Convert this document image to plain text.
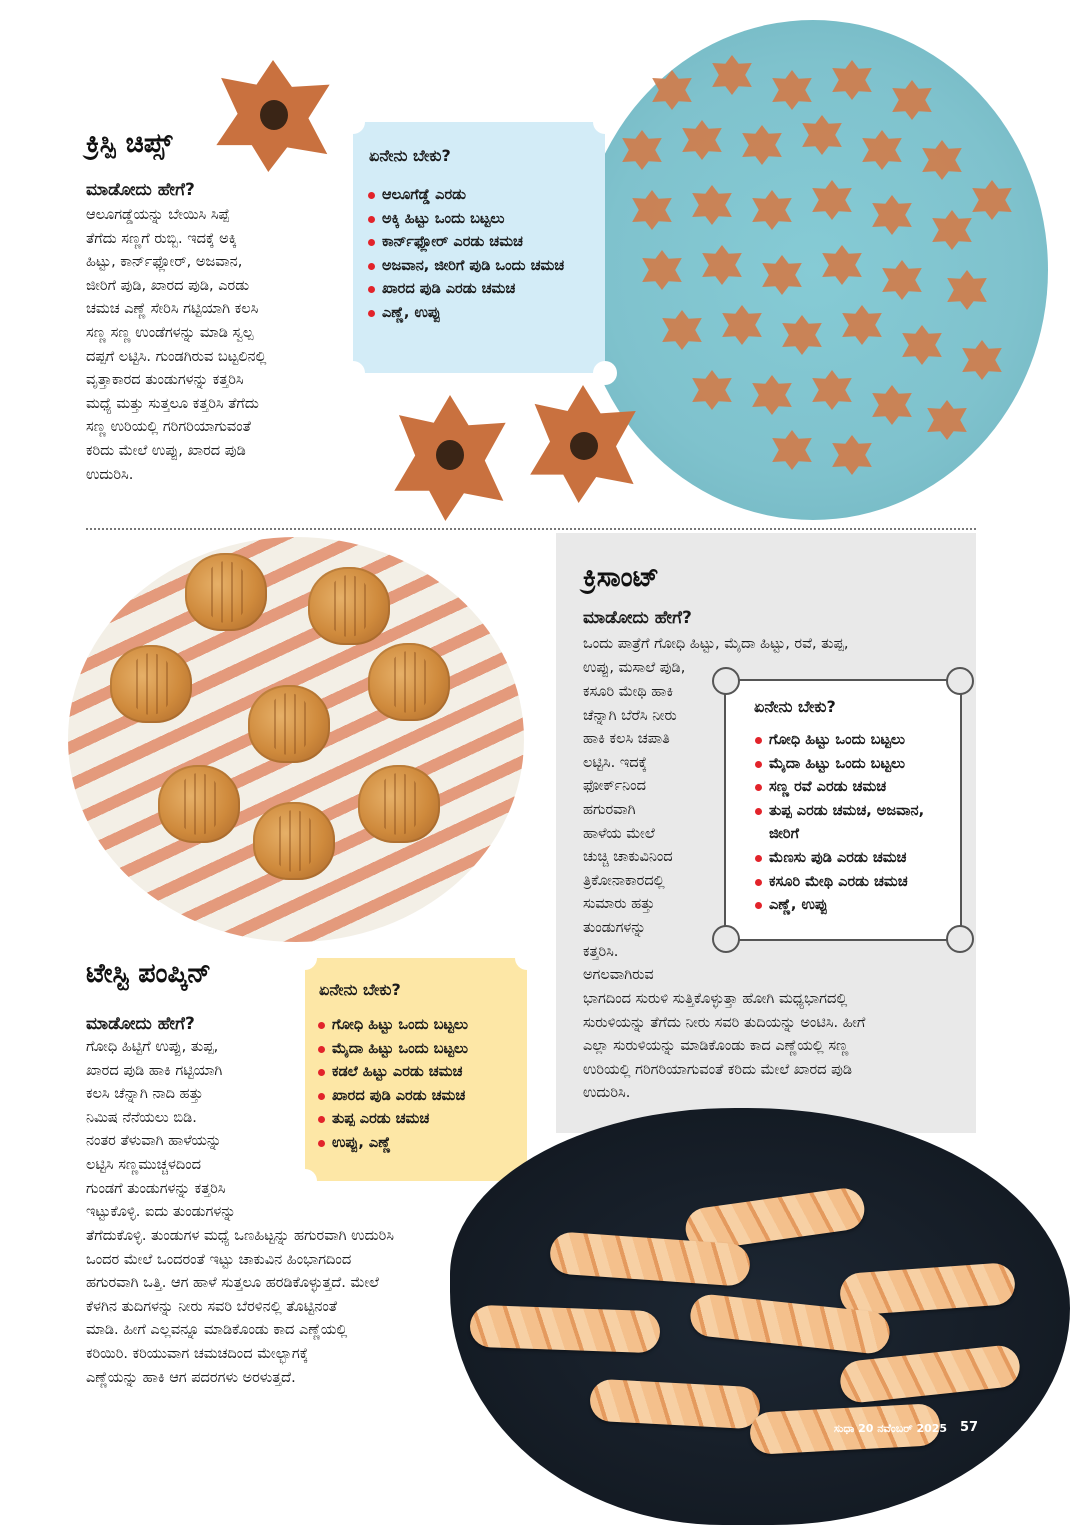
ಕ್ರಿಸ್ಪಿ ಚಿಪ್ಸ್
ಮಾಡೋದು ಹೇಗೆ?
ಆಲೂಗಡ್ಡೆಯನ್ನು ಬೇಯಿಸಿ ಸಿಪ್ಪೆ
ತೆಗೆದು ಸಣ್ಣಗೆ ರುಬ್ಬಿ. ಇದಕ್ಕೆ ಅಕ್ಕಿ
ಹಿಟ್ಟು, ಕಾರ್ನ್‌ಫ್ಲೋರ್, ಅಜವಾನ,
ಜೀರಿಗೆ ಪುಡಿ, ಖಾರದ ಪುಡಿ, ಎರಡು
ಚಮಚ ಎಣ್ಣೆ ಸೇರಿಸಿ ಗಟ್ಟಿಯಾಗಿ ಕಲಸಿ
ಸಣ್ಣ ಸಣ್ಣ ಉಂಡೆಗಳನ್ನು ಮಾಡಿ ಸ್ವಲ್ಪ
ದಪ್ಪಗೆ ಲಟ್ಟಿಸಿ. ಗುಂಡಗಿರುವ ಬಟ್ಟಲಿನಲ್ಲಿ
ವೃತ್ತಾಕಾರದ ತುಂಡುಗಳನ್ನು ಕತ್ತರಿಸಿ
ಮಧ್ಯೆ ಮತ್ತು ಸುತ್ತಲೂ ಕತ್ತರಿಸಿ ತೆಗೆದು
ಸಣ್ಣ ಉರಿಯಲ್ಲಿ ಗರಿಗರಿಯಾಗುವಂತೆ
ಕರಿದು ಮೇಲೆ ಉಪ್ಪು, ಖಾರದ ಪುಡಿ
ಉದುರಿಸಿ.
ಏನೇನು ಬೇಕು?
ಆಲೂಗೆಡ್ಡೆ ಎರಡು
ಅಕ್ಕಿ ಹಿಟ್ಟು ಒಂದು ಬಟ್ಟಲು
ಕಾರ್ನ್‌ಫ್ಲೋರ್ ಎರಡು ಚಮಚ
ಅಜವಾನ, ಜೀರಿಗೆ ಪುಡಿ ಒಂದು ಚಮಚ
ಖಾರದ ಪುಡಿ ಎರಡು ಚಮಚ
ಎಣ್ಣೆ, ಉಪ್ಪು
ಕ್ರಿಸಾಂಟ್
ಮಾಡೋದು ಹೇಗೆ?
ಒಂದು ಪಾತ್ರೆಗೆ ಗೋಧಿ ಹಿಟ್ಟು, ಮೈದಾ ಹಿಟ್ಟು, ರವೆ, ತುಪ್ಪ,
ಉಪ್ಪು, ಮಸಾಲೆ ಪುಡಿ,
ಕಸೂರಿ ಮೇಥಿ ಹಾಕಿ
ಚೆನ್ನಾಗಿ ಬೆರೆಸಿ ನೀರು
ಹಾಕಿ ಕಲಸಿ ಚಪಾತಿ
ಲಟ್ಟಿಸಿ. ಇದಕ್ಕೆ
ಫೋರ್ಕ್‌ನಿಂದ
ಹಗುರವಾಗಿ
ಹಾಳೆಯ ಮೇಲೆ
ಚುಚ್ಚಿ ಚಾಕುವಿನಿಂದ
ತ್ರಿಕೋನಾಕಾರದಲ್ಲಿ
ಸುಮಾರು ಹತ್ತು
ತುಂಡುಗಳನ್ನು
ಕತ್ತರಿಸಿ.
ಅಗಲವಾಗಿರುವ
ಭಾಗದಿಂದ ಸುರುಳಿ ಸುತ್ತಿಕೊಳ್ಳುತ್ತಾ ಹೋಗಿ ಮಧ್ಯಭಾಗದಲ್ಲಿ
ಸುರುಳಿಯನ್ನು ತೆಗೆದು ನೀರು ಸವರಿ ತುದಿಯನ್ನು ಅಂಟಿಸಿ. ಹೀಗೆ
ಎಲ್ಲಾ ಸುರುಳಿಯನ್ನು ಮಾಡಿಕೊಂಡು ಕಾದ ಎಣ್ಣೆಯಲ್ಲಿ ಸಣ್ಣ
ಉರಿಯಲ್ಲಿ ಗರಿಗರಿಯಾಗುವಂತೆ ಕರಿದು ಮೇಲೆ ಖಾರದ ಪುಡಿ
ಉದುರಿಸಿ.
ಏನೇನು ಬೇಕು?
ಗೋಧಿ ಹಿಟ್ಟು ಒಂದು ಬಟ್ಟಲು
ಮೈದಾ ಹಿಟ್ಟು ಒಂದು ಬಟ್ಟಲು
ಸಣ್ಣ ರವೆ ಎರಡು ಚಮಚ
ತುಪ್ಪ ಎರಡು ಚಮಚ, ಅಜವಾನ, ಜೀರಿಗೆ
ಮೆಣಸು ಪುಡಿ ಎರಡು ಚಮಚ
ಕಸೂರಿ ಮೇಥಿ ಎರಡು ಚಮಚ
ಎಣ್ಣೆ, ಉಪ್ಪು
ಟೇಸ್ಟಿ ಪಂಪ್ಕಿನ್
ಮಾಡೋದು ಹೇಗೆ?
ಗೋಧಿ ಹಿಟ್ಟಿಗೆ ಉಪ್ಪು, ತುಪ್ಪ,
ಖಾರದ ಪುಡಿ ಹಾಕಿ ಗಟ್ಟಿಯಾಗಿ
ಕಲಸಿ ಚೆನ್ನಾಗಿ ನಾದಿ ಹತ್ತು
ನಿಮಿಷ ನೆನೆಯಲು ಬಿಡಿ.
ನಂತರ ತೆಳುವಾಗಿ ಹಾಳೆಯನ್ನು
ಲಟ್ಟಿಸಿ ಸಣ್ಣಮುಚ್ಚಳದಿಂದ
ಗುಂಡಗೆ ತುಂಡುಗಳನ್ನು ಕತ್ತರಿಸಿ
ಇಟ್ಟುಕೊಳ್ಳಿ. ಐದು ತುಂಡುಗಳನ್ನು
ತೆಗೆದುಕೊಳ್ಳಿ. ತುಂಡುಗಳ ಮಧ್ಯೆ ಒಣಹಿಟ್ಟನ್ನು ಹಗುರವಾಗಿ ಉದುರಿಸಿ
ಒಂದರ ಮೇಲೆ ಒಂದರಂತೆ ಇಟ್ಟು ಚಾಕುವಿನ ಹಿಂಭಾಗದಿಂದ
ಹಗುರವಾಗಿ ಒತ್ತಿ. ಆಗ ಹಾಳೆ ಸುತ್ತಲೂ ಹರಡಿಕೊಳ್ಳುತ್ತದೆ. ಮೇಲೆ
ಕೆಳಗಿನ ತುದಿಗಳನ್ನು ನೀರು ಸವರಿ ಬೆರಳಿನಲ್ಲಿ ತೊಟ್ಟಿನಂತೆ
ಮಾಡಿ. ಹೀಗೆ ಎಲ್ಲವನ್ನೂ ಮಾಡಿಕೊಂಡು ಕಾದ ಎಣ್ಣೆಯಲ್ಲಿ
ಕರಿಯಿರಿ. ಕರಿಯುವಾಗ ಚಮಚದಿಂದ ಮೇಲ್ಭಾಗಕ್ಕೆ
ಎಣ್ಣೆಯನ್ನು ಹಾಕಿ ಆಗ ಪದರಗಳು ಅರಳುತ್ತದೆ.
ಏನೇನು ಬೇಕು?
ಗೋಧಿ ಹಿಟ್ಟು ಒಂದು ಬಟ್ಟಲು
ಮೈದಾ ಹಿಟ್ಟು ಒಂದು ಬಟ್ಟಲು
ಕಡಲೆ ಹಿಟ್ಟು ಎರಡು ಚಮಚ
ಖಾರದ ಪುಡಿ ಎರಡು ಚಮಚ
ತುಪ್ಪ ಎರಡು ಚಮಚ
ಉಪ್ಪು, ಎಣ್ಣೆ
ಸುಧಾ 20 ನವೆಂಬರ್ 2025 57
